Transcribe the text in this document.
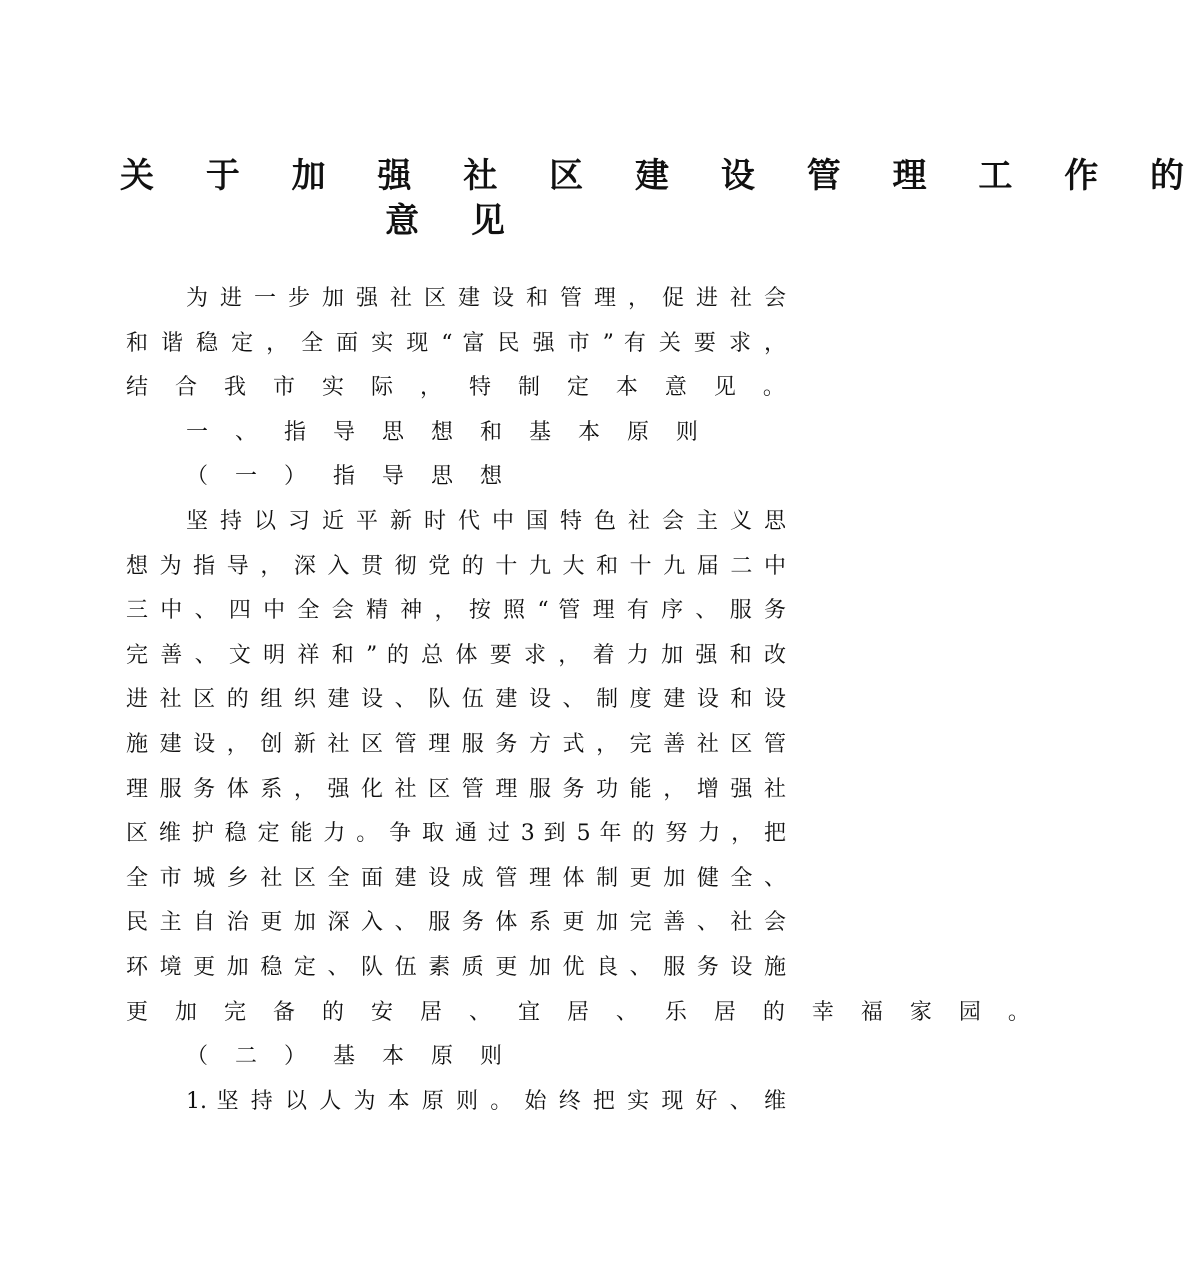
关 于 加 强 社 区 建 设 管 理 工 作 的
意 见
为 进 一 步 加 强 社 区 建 设 和 管 理 ， 促 进 社 会
和 谐 稳 定 ， 全 面 实 现 “ 富 民 强 市 ” 有 关 要 求 ，
结 合 我 市 实 际 ， 特 制 定 本 意 见 。
一 、 指 导 思 想 和 基 本 原 则
（ 一 ） 指 导 思 想
坚 持 以 习 近 平 新 时 代 中 国 特 色 社 会 主 义 思
想 为 指 导 ， 深 入 贯 彻 党 的 十 九 大 和 十 九 届 二 中
三 中 、 四 中 全 会 精 神 ， 按 照 “ 管 理 有 序 、 服 务
完 善 、 文 明 祥 和 ” 的 总 体 要 求 ， 着 力 加 强 和 改
进 社 区 的 组 织 建 设 、 队 伍 建 设 、 制 度 建 设 和 设
施 建 设 ， 创 新 社 区 管 理 服 务 方 式 ， 完 善 社 区 管
理 服 务 体 系 ， 强 化 社 区 管 理 服 务 功 能 ， 增 强 社
区 维 护 稳 定 能 力 。 争 取 通 过 3 到 5 年 的 努 力 ， 把
全 市 城 乡 社 区 全 面 建 设 成 管 理 体 制 更 加 健 全 、
民 主 自 治 更 加 深 入 、 服 务 体 系 更 加 完 善 、 社 会
环 境 更 加 稳 定 、 队 伍 素 质 更 加 优 良 、 服 务 设 施
更 加 完 备 的 安 居 、 宜 居 、 乐 居 的 幸 福 家 园 。
（ 二 ） 基 本 原 则
1. 坚 持 以 人 为 本 原 则 。 始 终 把 实 现 好 、 维
